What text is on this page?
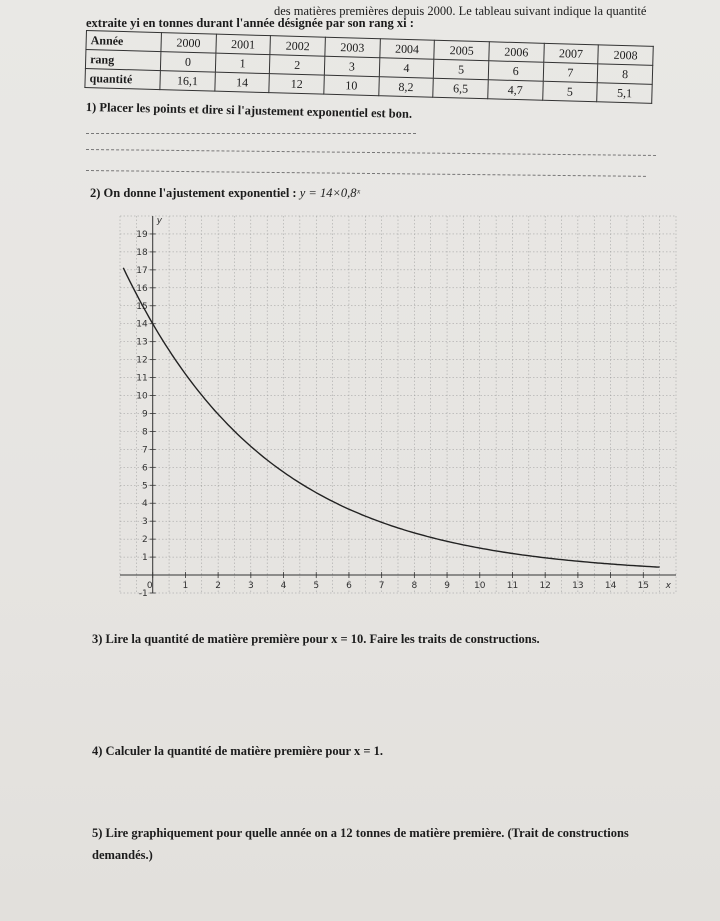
des matières premières depuis 2000. Le tableau suivant indique la quantité
extraite yi en tonnes durant l'année désignée par son rang xi :
Année	2000	2001	2002	2003	2004	2005	2006	2007	2008
rang	0	1	2	3	4	5	6	7	8
quantité	16,1	14	12	10	8,2	6,5	4,7	5	5,1
1) Placer les points et dire si l'ajustement exponentiel est bon.
2) On donne l'ajustement exponentiel : y = 14×0,8ˣ
0	1	2	3	4	5	6	7	8	9	10 11 12 13 14 15
-1
1
2
3
4
5
6
7
8
9
10
11
12
13
14
15
16
17
18
19
x
y
3) Lire la quantité de matière première pour x = 10. Faire les traits de constructions.
4) Calculer la quantité de matière première pour x = 1.
5) Lire graphiquement pour quelle année on a 12 tonnes de matière première. (Trait de constructions
demandés.)
